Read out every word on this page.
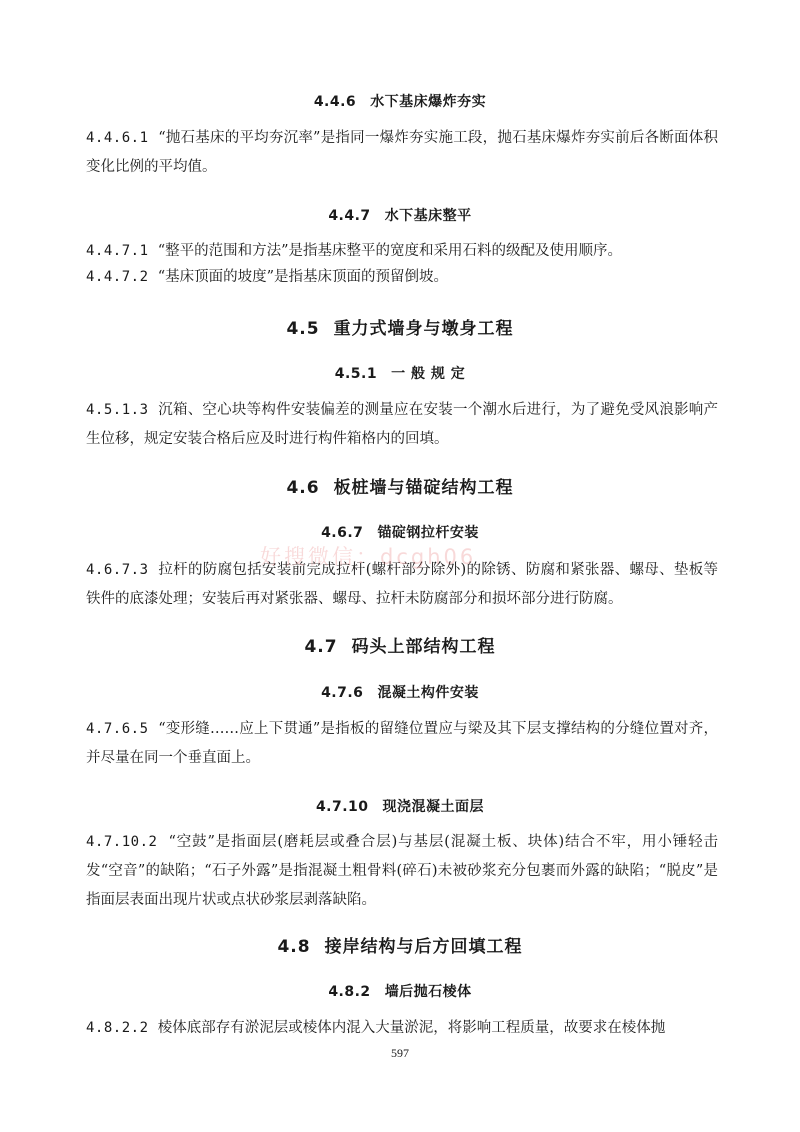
4.4.6 水下基床爆炸夯实
4.4.6.1 “抛石基床的平均夯沉率”是指同一爆炸夯实施工段，抛石基床爆炸夯实前后各断面体积变化比例的平均值。
4.4.7 水下基床整平
4.4.7.1 “整平的范围和方法”是指基床整平的宽度和采用石料的级配及使用顺序。
4.4.7.2 “基床顶面的坡度”是指基床顶面的预留倒坡。
4.5 重力式墙身与墩身工程
4.5.1 一 般 规 定
4.5.1.3 沉箱、空心块等构件安装偏差的测量应在安装一个潮水后进行，为了避免受风浪影响产生位移，规定安装合格后应及时进行构件箱格内的回填。
4.6 板桩墙与锚碇结构工程
4.6.7 锚碇钢拉杆安装
4.6.7.3 拉杆的防腐包括安装前完成拉杆(螺杆部分除外)的除锈、防腐和紧张器、螺母、垫板等铁件的底漆处理；安装后再对紧张器、螺母、拉杆未防腐部分和损坏部分进行防腐。
4.7 码头上部结构工程
4.7.6 混凝土构件安装
4.7.6.5 “变形缝……应上下贯通”是指板的留缝位置应与梁及其下层支撑结构的分缝位置对齐，并尽量在同一个垂直面上。
4.7.10 现浇混凝土面层
4.7.10.2 “空鼓”是指面层(磨耗层或叠合层)与基层(混凝土板、块体)结合不牢，用小锤轻击发“空音”的缺陷；“石子外露”是指混凝土粗骨料(碎石)未被砂浆充分包裹而外露的缺陷；“脱皮”是指面层表面出现片状或点状砂浆层剥落缺陷。
4.8 接岸结构与后方回填工程
4.8.2 墙后抛石棱体
4.8.2.2 棱体底部存有淤泥层或棱体内混入大量淤泥，将影响工程质量，故要求在棱体抛
597
好搜微信：dcgh06
